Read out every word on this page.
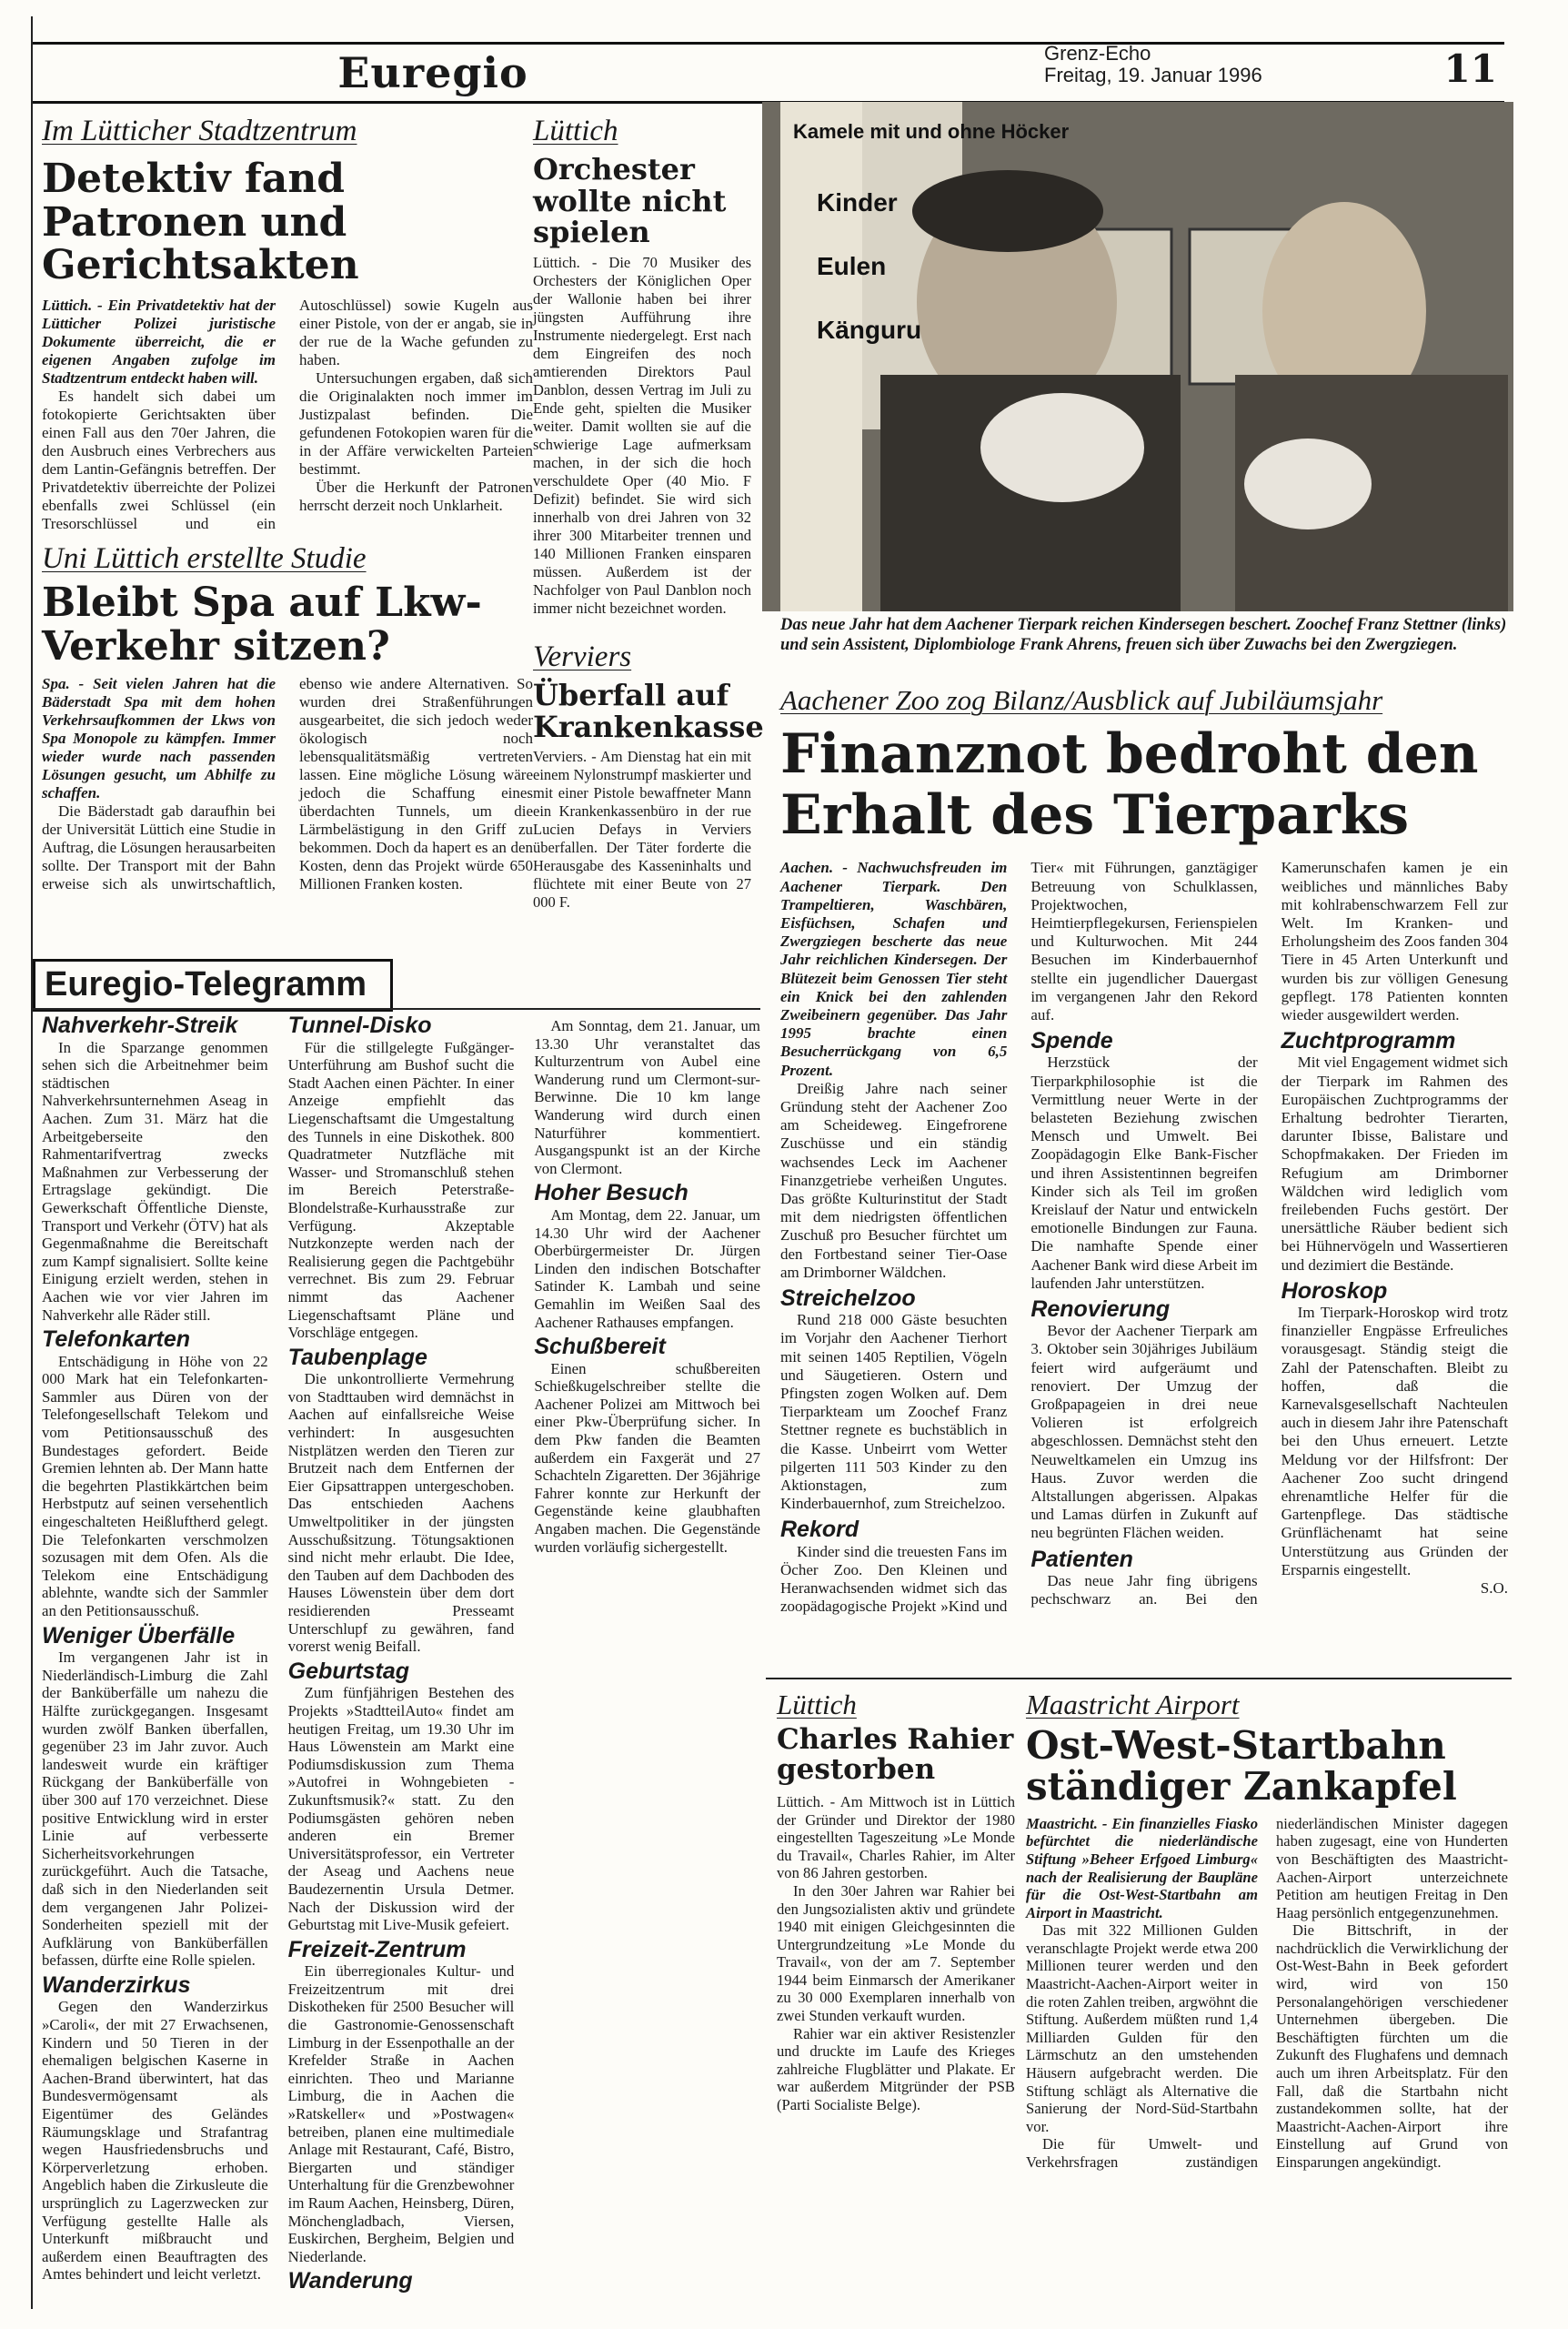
Euregio	Grenz-Echo
Freitag, 19. Januar 1996	11
Im Lütticher Stadtzentrum
Detektiv fand Patronen und Gerichtsakten

Lüttich. - Ein Privatdetektiv hat der Lütticher Polizei juristische Dokumente überreicht, die er eigenen Angaben zufolge im Stadtzentrum entdeckt haben will.

Es handelt sich dabei um fotokopierte Gerichtsakten über einen Fall aus den 70er Jahren, die den Ausbruch eines Verbrechers aus dem Lantin-Gefängnis betreffen. Der Privatdetektiv überreichte der Polizei ebenfalls zwei Schlüssel (ein Tresorschlüssel und ein Autoschlüssel) sowie Kugeln aus einer Pistole, von der er angab, sie in der rue de la Wache gefunden zu haben.

Untersuchungen ergaben, daß sich die Originalakten noch immer im Justizpalast befinden. Die gefundenen Fotokopien waren für die in der Affäre verwickelten Parteien bestimmt.

Über die Herkunft der Patronen herrscht derzeit noch Unklarheit.

Lüttich
Orchester wollte nicht spielen

Lüttich. - Die 70 Musiker des Orchesters der Königlichen Oper der Wallonie haben bei ihrer jüngsten Aufführung ihre Instrumente niedergelegt. Erst nach dem Eingreifen des noch amtierenden Direktors Paul Danblon, dessen Vertrag im Juli zu Ende geht, spielten die Musiker weiter. Damit wollten sie auf die schwierige Lage aufmerksam machen, in der sich die hoch verschuldete Oper (40 Mio. F Defizit) befindet. Sie wird sich innerhalb von drei Jahren von 32 ihrer 300 Mitarbeiter trennen und 140 Millionen Franken einsparen müssen. Außerdem ist der Nachfolger von Paul Danblon noch immer nicht bezeichnet worden.

Uni Lüttich erstellte Studie
Bleibt Spa auf Lkw-Verkehr sitzen?

Spa. - Seit vielen Jahren hat die Bäderstadt Spa mit dem hohen Verkehrsaufkommen der Lkws von Spa Monopole zu kämpfen. Immer wieder wurde nach passenden Lösungen gesucht, um Abhilfe zu schaffen.

Die Bäderstadt gab daraufhin bei der Universität Lüttich eine Studie in Auftrag, die Lösungen herausarbeiten sollte. Der Transport mit der Bahn erweise sich als unwirtschaftlich, ebenso wie andere Alternativen. So wurden drei Straßenführungen ausgearbeitet, die sich jedoch weder ökologisch noch lebensqualitätsmäßig vertreten lassen. Eine mögliche Lösung wäre jedoch die Schaffung eines überdachten Tunnels, um die Lärmbelästigung in den Griff zu bekommen. Doch da hapert es an den Kosten, denn das Projekt würde 650 Millionen Franken kosten.

Verviers
Überfall auf Krankenkasse

Verviers. - Am Dienstag hat ein mit einem Nylonstrumpf maskierter und mit einer Pistole bewaffneter Mann ein Krankenkassenbüro in der rue Lucien Defays in Verviers überfallen. Der Täter forderte die Herausgabe des Kasseninhalts und flüchtete mit einer Beute von 27 000 F.

Kamele mit und ohne Höcker
Kinder
Eulen
Känguru
Das neue Jahr hat dem Aachener Tierpark reichen Kindersegen beschert. Zoochef Franz Stettner (links) und sein Assistent, Diplombiologe Frank Ahrens, freuen sich über Zuwachs bei den Zwergziegen.
Aachener Zoo zog Bilanz/Ausblick auf Jubiläumsjahr
Finanznot bedroht den Erhalt des Tierparks

Aachen. - Nachwuchsfreuden im Aachener Tierpark. Den Trampeltieren, Waschbären, Eisfüchsen, Schafen und Zwergziegen bescherte das neue Jahr reichlichen Kindersegen. Der Blütezeit beim Genossen Tier steht ein Knick bei den zahlenden Zweibeinern gegenüber. Das Jahr 1995 brachte einen Besucherrückgang von 6,5 Prozent.

Dreißig Jahre nach seiner Gründung steht der Aachener Zoo am Scheideweg. Eingefrorene Zuschüsse und ein ständig wachsendes Leck im Aachener Finanzgetriebe verheißen Ungutes. Das größte Kulturinstitut der Stadt mit dem niedrigsten öffentlichen Zuschuß pro Besucher fürchtet um den Fortbestand seiner Tier-Oase am Drimborner Wäldchen.

Streichelzoo

Rund 218 000 Gäste besuchten im Vorjahr den Aachener Tierhort mit seinen 1405 Reptilien, Vögeln und Säugetieren. Ostern und Pfingsten zogen Wolken auf. Dem Tierparkteam um Zoochef Franz Stettner regnete es buchstäblich in die Kasse. Unbeirrt vom Wetter pilgerten 111 503 Kinder zu den Aktionstagen, zum Kinderbauernhof, zum Streichelzoo.

Rekord

Kinder sind die treuesten Fans im Öcher Zoo. Den Kleinen und Heranwachsenden widmet sich das zoopädagogische Projekt »Kind und Tier« mit Führungen, ganztägiger Betreuung von Schulklassen, Projektwochen, Heimtierpflegekursen, Ferienspielen und Kulturwochen. Mit 244 Besuchen im Kinderbauernhof stellte ein jugendlicher Dauergast im vergangenen Jahr den Rekord auf.

Spende

Herzstück der Tierparkphilosophie ist die Vermittlung neuer Werte in der belasteten Beziehung zwischen Mensch und Umwelt. Bei Zoopädagogin Elke Bank-Fischer und ihren Assistentinnen begreifen Kinder sich als Teil im großen Kreislauf der Natur und entwickeln emotionelle Bindungen zur Fauna. Die namhafte Spende einer Aachener Bank wird diese Arbeit im laufenden Jahr unterstützen.

Renovierung

Bevor der Aachener Tierpark am 3. Oktober sein 30jähriges Jubiläum feiert wird aufgeräumt und renoviert. Der Umzug der Großpapageien in drei neue Volieren ist erfolgreich abgeschlossen. Demnächst steht den Neuweltkamelen ein Umzug ins Haus. Zuvor werden die Altstallungen abgerissen. Alpakas und Lamas dürfen in Zukunft auf neu begrünten Flächen weiden.

Patienten

Das neue Jahr fing übrigens pechschwarz an. Bei den Kamerunschafen kamen je ein weibliches und männliches Baby mit kohlrabenschwarzem Fell zur Welt. Im Kranken- und Erholungsheim des Zoos fanden 304 Tiere in 45 Arten Unterkunft und wurden bis zur völligen Genesung gepflegt. 178 Patienten konnten wieder ausgewildert werden.

Zuchtprogramm

Mit viel Engagement widmet sich der Tierpark im Rahmen des Europäischen Zuchtprogramms der Erhaltung bedrohter Tierarten, darunter Ibisse, Balistare und Schopfmakaken. Der Frieden im Refugium am Drimborner Wäldchen wird lediglich vom freilebenden Fuchs gestört. Der unersättliche Räuber bedient sich bei Hühnervögeln und Wassertieren und dezimiert die Bestände.

Horoskop

Im Tierpark-Horoskop wird trotz finanzieller Engpässe Erfreuliches vorausgesagt. Ständig steigt die Zahl der Patenschaften. Bleibt zu hoffen, daß die Karnevalsgesellschaft Nachteulen auch in diesem Jahr ihre Patenschaft bei den Uhus erneuert. Letzte Meldung vor der Hilfsfront: Der Aachener Zoo sucht dringend ehrenamtliche Helfer für die Gartenpflege. Das städtische Grünflächenamt hat seine Unterstützung aus Gründen der Ersparnis eingestellt.

S.O.
Euregio-Telegramm
Nahverkehr-Streik

In die Sparzange genommen sehen sich die Arbeitnehmer beim städtischen Nahverkehrsunternehmen Aseag in Aachen. Zum 31. März hat die Arbeitgeberseite den Rahmentarifvertrag zwecks Maßnahmen zur Verbesserung der Ertragslage gekündigt. Die Gewerkschaft Öffentliche Dienste, Transport und Verkehr (ÖTV) hat als Gegenmaßnahme die Bereitschaft zum Kampf signalisiert. Sollte keine Einigung erzielt werden, stehen in Aachen wie vor vier Jahren im Nahverkehr alle Räder still.

Telefonkarten

Entschädigung in Höhe von 22 000 Mark hat ein Telefonkarten-Sammler aus Düren von der Telefongesellschaft Telekom und vom Petitionsausschuß des Bundestages gefordert. Beide Gremien lehnten ab. Der Mann hatte die begehrten Plastikkärtchen beim Herbstputz auf seinen versehentlich eingeschalteten Heißluftherd gelegt. Die Telefonkarten verschmolzen sozusagen mit dem Ofen. Als die Telekom eine Entschädigung ablehnte, wandte sich der Sammler an den Petitionsausschuß.

Weniger Überfälle

Im vergangenen Jahr ist in Niederländisch-Limburg die Zahl der Banküberfälle um nahezu die Hälfte zurückgegangen. Insgesamt wurden zwölf Banken überfallen, gegenüber 23 im Jahr zuvor. Auch landesweit wurde ein kräftiger Rückgang der Banküberfälle von über 300 auf 170 verzeichnet. Diese positive Entwicklung wird in erster Linie auf verbesserte Sicherheitsvorkehrungen zurückgeführt. Auch die Tatsache, daß sich in den Niederlanden seit dem vergangenen Jahr Polizei-Sonderheiten speziell mit der Aufklärung von Banküberfällen befassen, dürfte eine Rolle spielen.

Wanderzirkus

Gegen den Wanderzirkus »Caroli«, der mit 27 Erwachsenen, Kindern und 50 Tieren in der ehemaligen belgischen Kaserne in Aachen-Brand überwintert, hat das Bundesvermögensamt als Eigentümer des Geländes Räumungsklage und Strafantrag wegen Hausfriedensbruchs und Körperverletzung erhoben. Angeblich haben die Zirkusleute die ursprünglich zu Lagerzwecken zur Verfügung gestellte Halle als Unterkunft mißbraucht und außerdem einen Beauftragten des Amtes behindert und leicht verletzt.

Tunnel-Disko

Für die stillgelegte Fußgänger-Unterführung am Bushof sucht die Stadt Aachen einen Pächter. In einer Anzeige empfiehlt das Liegenschaftsamt die Umgestaltung des Tunnels in eine Diskothek. 800 Quadratmeter Nutzfläche mit Wasser- und Stromanschluß stehen im Bereich Peterstraße-Blondelstraße-Kurhausstraße zur Verfügung. Akzeptable Nutzkonzepte werden nach der Realisierung gegen die Pachtgebühr verrechnet. Bis zum 29. Februar nimmt das Aachener Liegenschaftsamt Pläne und Vorschläge entgegen.

Taubenplage

Die unkontrollierte Vermehrung von Stadttauben wird demnächst in Aachen auf einfallsreiche Weise verhindert: In ausgesuchten Nistplätzen werden den Tieren zur Brutzeit nach dem Entfernen der Eier Gipsattrappen untergeschoben. Das entschieden Aachens Umweltpolitiker in der jüngsten Ausschußsitzung. Tötungsaktionen sind nicht mehr erlaubt. Die Idee, den Tauben auf dem Dachboden des Hauses Löwenstein über dem dort residierenden Presseamt Unterschlupf zu gewähren, fand vorerst wenig Beifall.

Geburtstag

Zum fünfjährigen Bestehen des Projekts »StadtteilAuto« findet am heutigen Freitag, um 19.30 Uhr im Haus Löwenstein am Markt eine Podiumsdiskussion zum Thema »Autofrei in Wohngebieten - Zukunftsmusik?« statt. Zu den Podiumsgästen gehören neben anderen ein Bremer Universitätsprofessor, ein Vertreter der Aseag und Aachens neue Baudezernentin Ursula Detmer. Nach der Diskussion wird der Geburtstag mit Live-Musik gefeiert.

Freizeit-Zentrum

Ein überregionales Kultur- und Freizeitzentrum mit drei Diskotheken für 2500 Besucher will die Gastronomie-Genossenschaft Limburg in der Essenpothalle an der Krefelder Straße in Aachen einrichten. Theo und Marianne Limburg, die in Aachen die »Ratskeller« und »Postwagen« betreiben, planen eine multimediale Anlage mit Restaurant, Café, Bistro, Biergarten und ständiger Unterhaltung für die Grenzbewohner im Raum Aachen, Heinsberg, Düren, Mönchengladbach, Viersen, Euskirchen, Bergheim, Belgien und Niederlande.

Wanderung

Am Sonntag, dem 21. Januar, um 13.30 Uhr veranstaltet das Kulturzentrum von Aubel eine Wanderung rund um Clermont-sur-Berwinne. Die 10 km lange Wanderung wird durch einen Naturführer kommentiert. Ausgangspunkt ist an der Kirche von Clermont.

Hoher Besuch

Am Montag, dem 22. Januar, um 14.30 Uhr wird der Aachener Oberbürgermeister Dr. Jürgen Linden den indischen Botschafter Satinder K. Lambah und seine Gemahlin im Weißen Saal des Aachener Rathauses empfangen.

Schußbereit

Einen schußbereiten Schießkugelschreiber stellte die Aachener Polizei am Mittwoch bei einer Pkw-Überprüfung sicher. In dem Pkw fanden die Beamten außerdem ein Faxgerät und 27 Schachteln Zigaretten. Der 36jährige Fahrer konnte zur Herkunft der Gegenstände keine glaubhaften Angaben machen. Die Gegenstände wurden vorläufig sichergestellt.

Lüttich
Charles Rahier gestorben

Lüttich. - Am Mittwoch ist in Lüttich der Gründer und Direktor der 1980 eingestellten Tageszeitung »Le Monde du Travail«, Charles Rahier, im Alter von 86 Jahren gestorben.

In den 30er Jahren war Rahier bei den Jungsozialisten aktiv und gründete 1940 mit einigen Gleichgesinnten die Untergrundzeitung »Le Monde du Travail«, von der am 7. September 1944 beim Einmarsch der Amerikaner zu 30 000 Exemplaren innerhalb von zwei Stunden verkauft wurden.

Rahier war ein aktiver Resistenzler und druckte im Laufe des Krieges zahlreiche Flugblätter und Plakate. Er war außerdem Mitgründer der PSB (Parti Socialiste Belge).

Maastricht Airport
Ost-West-Startbahn ständiger Zankapfel

Maastricht. - Ein finanzielles Fiasko befürchtet die niederländische Stiftung »Beheer Erfgoed Limburg« nach der Realisierung der Baupläne für die Ost-West-Startbahn am Airport in Maastricht.

Das mit 322 Millionen Gulden veranschlagte Projekt werde etwa 200 Millionen teurer werden und den Maastricht-Aachen-Airport weiter in die roten Zahlen treiben, argwöhnt die Stiftung. Außerdem müßten rund 1,4 Milliarden Gulden für den Lärmschutz an den umstehenden Häusern aufgebracht werden. Die Stiftung schlägt als Alternative die Sanierung der Nord-Süd-Startbahn vor.

Die für Umwelt- und Verkehrsfragen zuständigen niederländischen Minister dagegen haben zugesagt, eine von Hunderten von Beschäftigten des Maastricht-Aachen-Airport unterzeichnete Petition am heutigen Freitag in Den Haag persönlich entgegenzunehmen.

Die Bittschrift, in der nachdrücklich die Verwirklichung der Ost-West-Bahn in Beek gefordert wird, wird von 150 Personalangehörigen verschiedener Unternehmen übergeben. Die Beschäftigten fürchten um die Zukunft des Flughafens und demnach auch um ihren Arbeitsplatz. Für den Fall, daß die Startbahn nicht zustandekommen sollte, hat der Maastricht-Aachen-Airport ihre Einstellung auf Grund von Einsparungen angekündigt.
